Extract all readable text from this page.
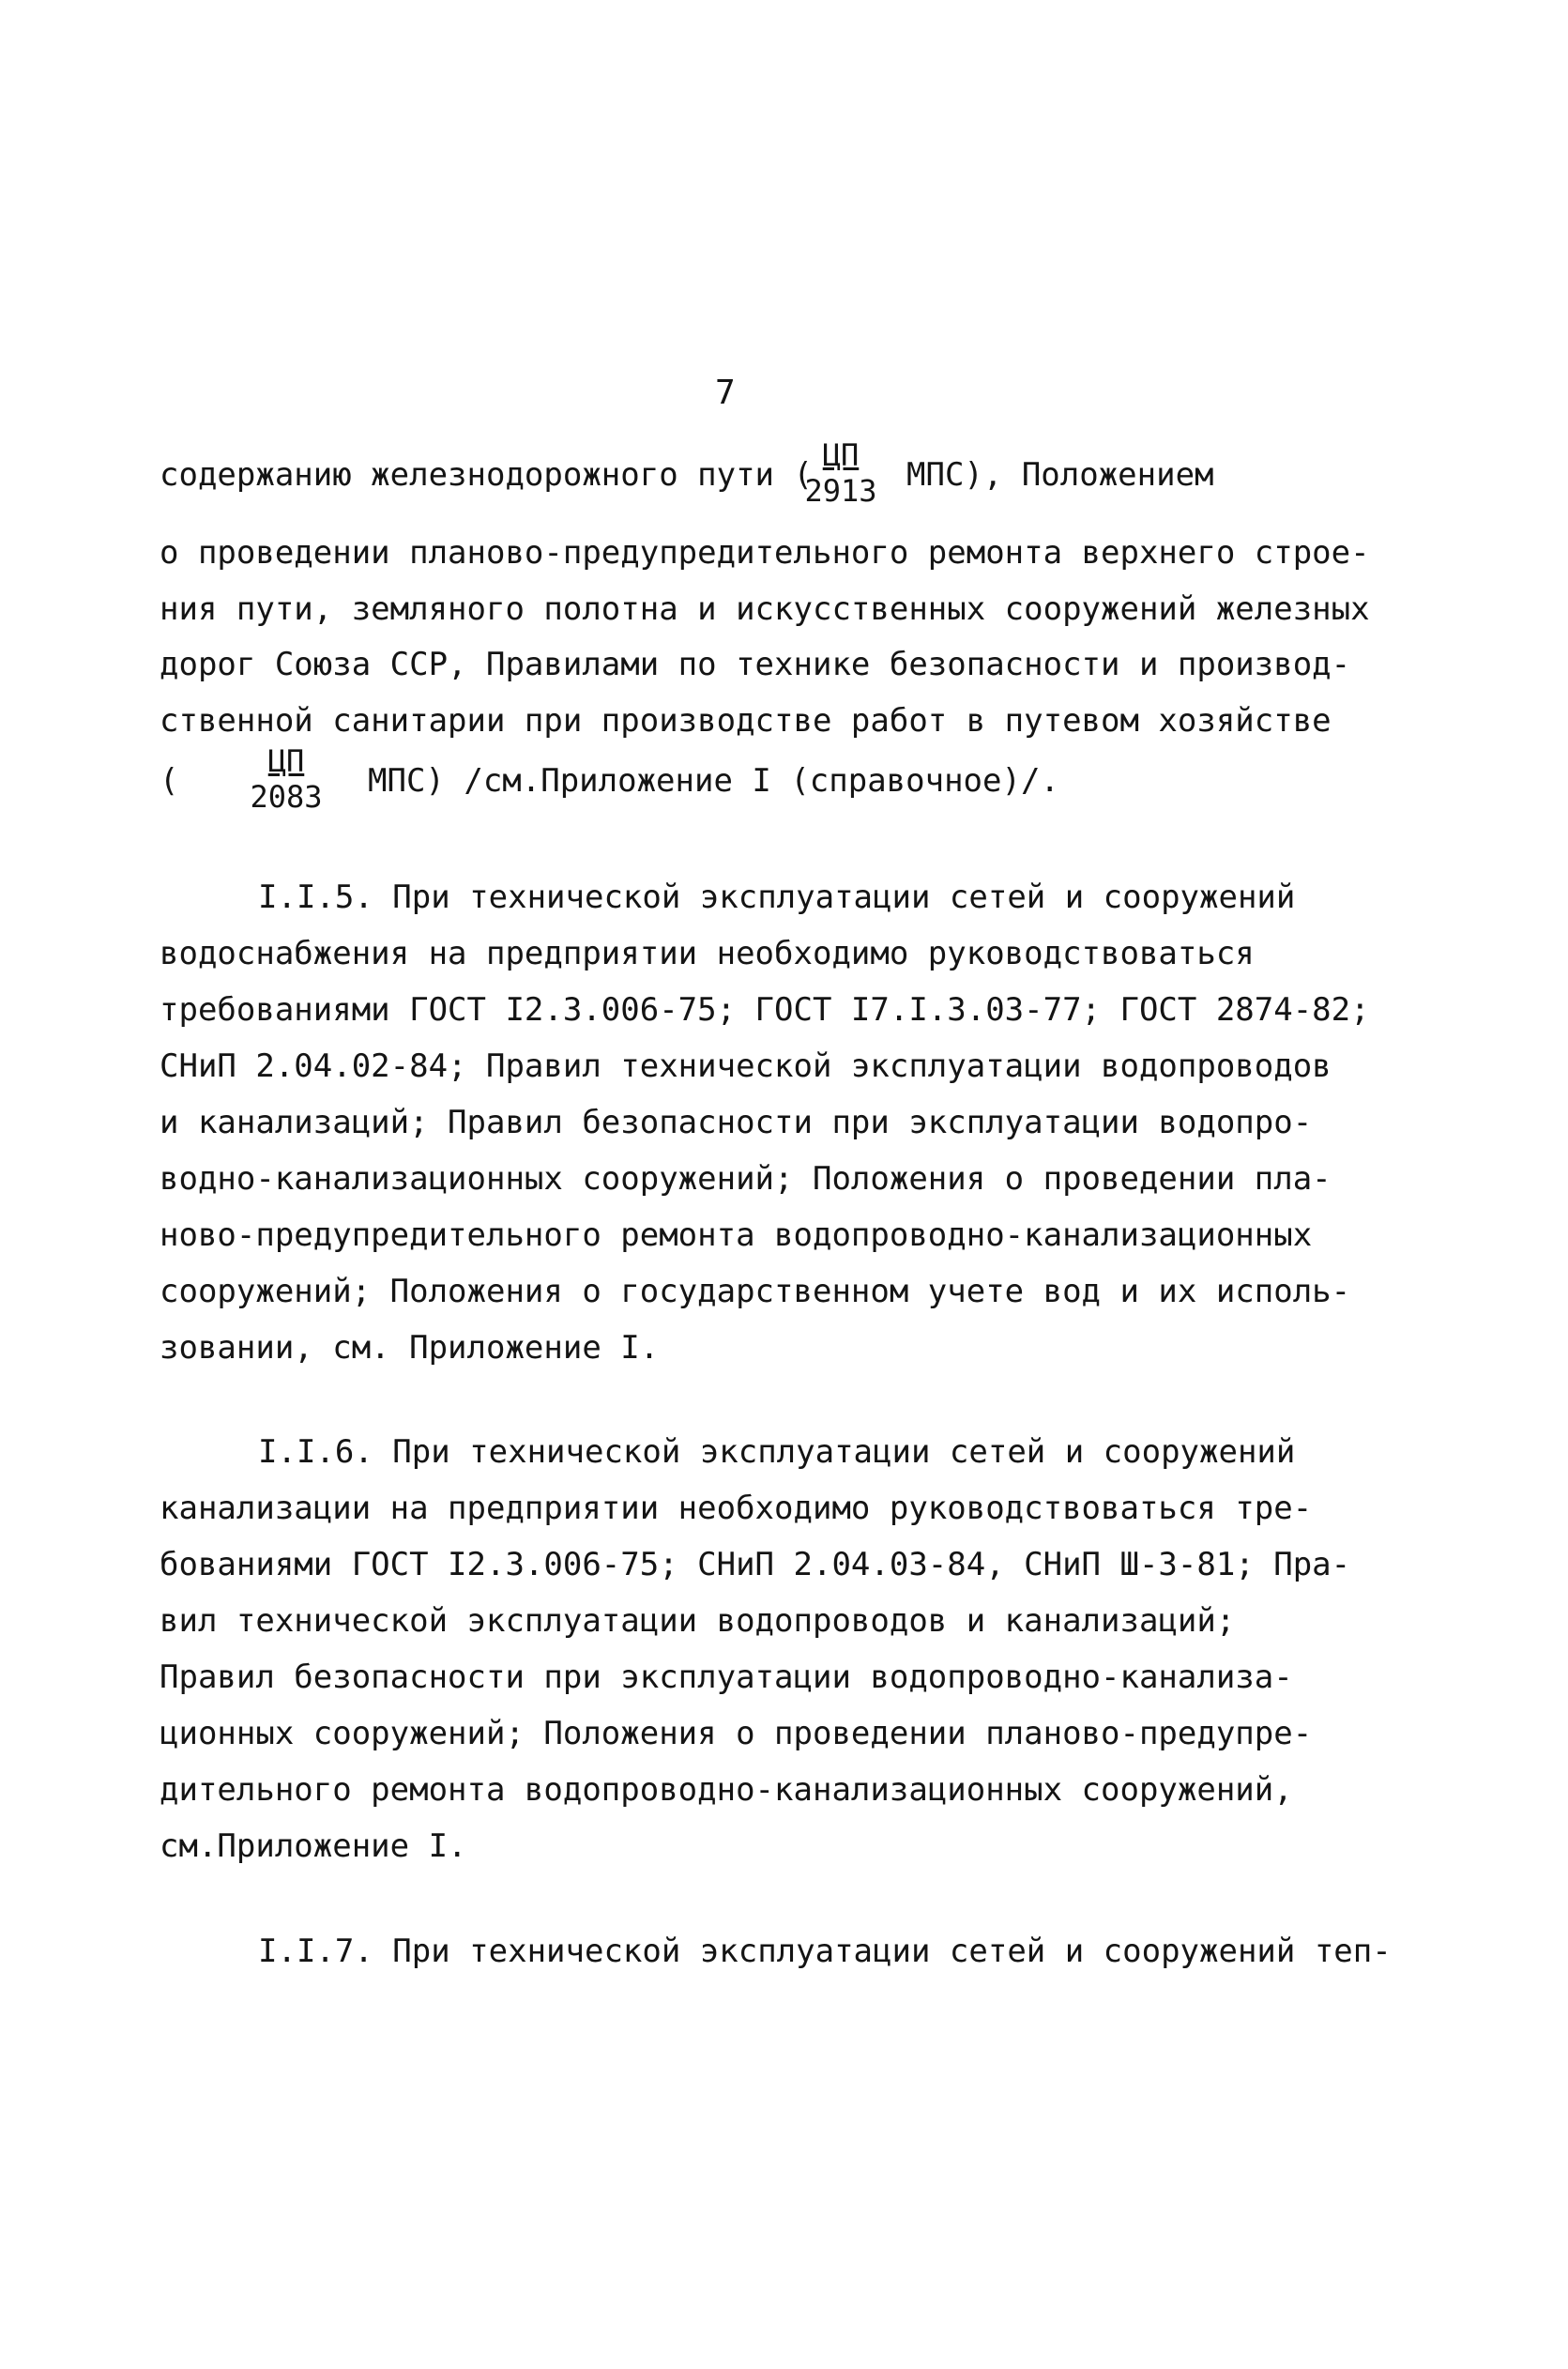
7
содержанию железнодорожного пути (
ЦП
2913 МПС), Положением
о проведении планово-предупредительного ремонта верхнего строе-
ния пути, земляного полотна и искусственных сооружений железных
дорог Союза ССР, Правилами по технике безопасности и производ-
ственной санитарии при производстве работ в путевом хозяйстве
(
ЦП
2083	МПС) /см.Приложение I (справочное)/.
I.I.5. При технической эксплуатации сетей и сооружений
водоснабжения на предприятии необходимо руководствоваться
требованиями ГОСТ I2.3.006-75; ГОСТ I7.I.3.03-77; ГОСТ 2874-82;
СНиП 2.04.02-84; Правил технической эксплуатации водопроводов
и канализаций; Правил безопасности при эксплуатации водопро-
водно-канализационных сооружений; Положения о проведении пла-
ново-предупредительного ремонта водопроводно-канализационных
сооружений; Положения о государственном учете вод и их исполь-
зовании, см. Приложение I.
I.I.6. При технической эксплуатации сетей и сооружений
канализации на предприятии необходимо руководствоваться тре-
бованиями ГОСТ I2.3.006-75; СНиП 2.04.03-84, СНиП Ш-3-81; Пра-
вил технической эксплуатации водопроводов и канализаций;
Правил безопасности при эксплуатации водопроводно-канализа-
ционных сооружений; Положения о проведении планово-предупре-
дительного ремонта водопроводно-канализационных сооружений,
см.Приложение I.
I.I.7. При технической эксплуатации сетей и сооружений теп-
